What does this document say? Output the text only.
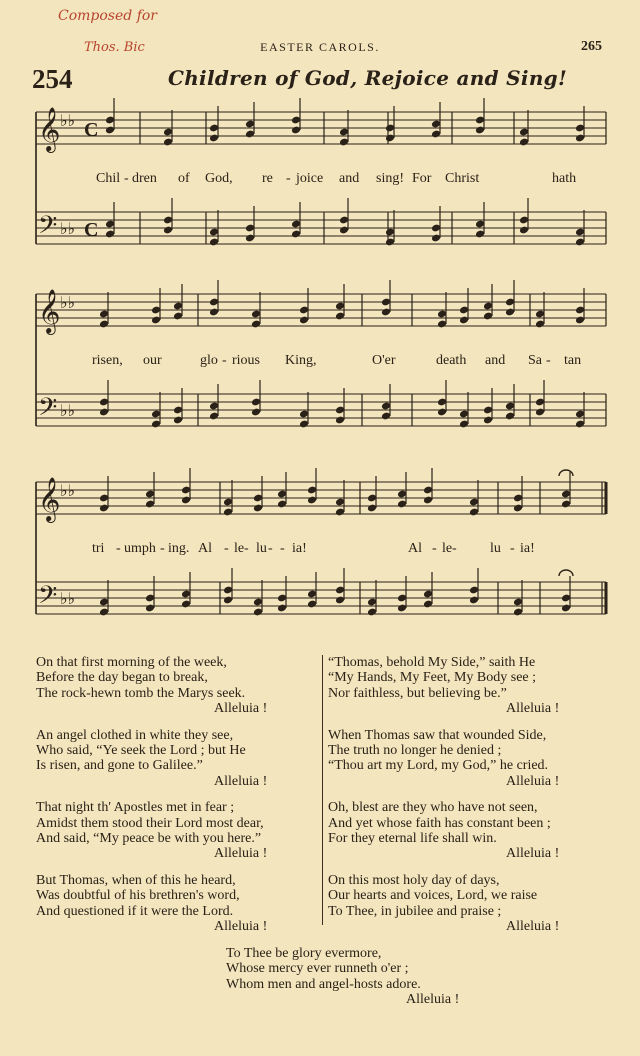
EASTER CAROLS.	265
Composed for
Thos. Bic
254	Children of God, Rejoice and Sing!
𝄞 ♭♭ C
𝄢 ♭♭ C
𝄞 ♭♭
𝄢 ♭♭
𝄞 ♭♭
𝄢 ♭♭
Chil - dren of God, re - joice and sing! For Christ	hath
risen, our	glo - rious King,	O'er	death and Sa - tan
tri - umph - ing. Al - le - lu - - ia!	Al - le - lu - ia!
On that first morning of the week,
Before the day began to break,
The rock-hewn tomb the Marys seek.
Alleluia !
An angel clothed in white they see,
Who said, “Ye seek the Lord ; but He
Is risen, and gone to Galilee.”
Alleluia !
That night th' Apostles met in fear ;
Amidst them stood their Lord most dear,
And said, “My peace be with you here.”
Alleluia !
But Thomas, when of this he heard,
Was doubtful of his brethren's word,
And questioned if it were the Lord.
Alleluia !
“Thomas, behold My Side,” saith He
“My Hands, My Feet, My Body see ;
Nor faithless, but believing be.”
Alleluia !
When Thomas saw that wounded Side,
The truth no longer he denied ;
“Thou art my Lord, my God,” he cried.
Alleluia !
Oh, blest are they who have not seen,
And yet whose faith has constant been ;
For they eternal life shall win.
Alleluia !
On this most holy day of days,
Our hearts and voices, Lord, we raise
To Thee, in jubilee and praise ;
Alleluia !
To Thee be glory evermore,
Whose mercy ever runneth o'er ;
Whom men and angel-hosts adore.
Alleluia !
